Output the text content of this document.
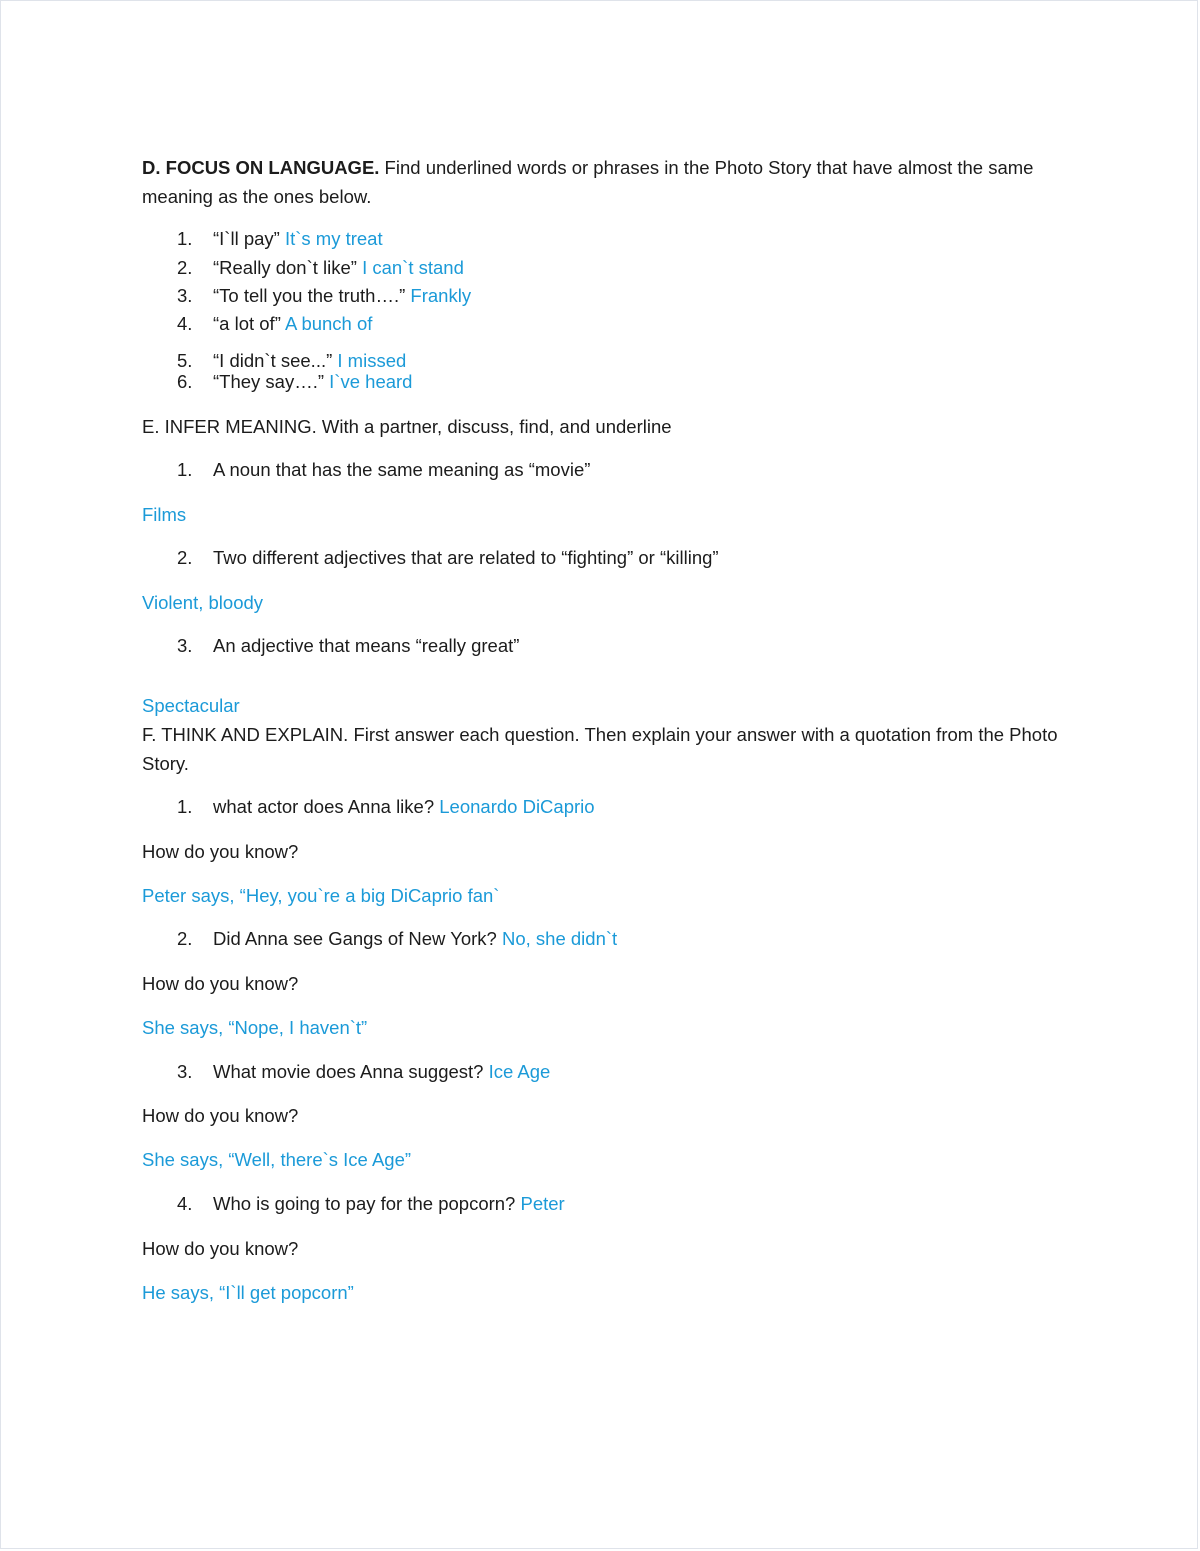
D. FOCUS ON LANGUAGE. Find underlined words or phrases in the Photo Story that have almost the same meaning as the ones below.
1. “I`ll pay” It`s my treat
2. “Really don`t like” I can`t stand
3. “To tell you the truth….” Frankly
4. “a lot of” A bunch of
5. “I didn`t see...” I missed
6. “They say….” I`ve heard
E. INFER MEANING. With a partner, discuss, find, and underline
1. A noun that has the same meaning as “movie”
Films
2. Two different adjectives that are related to “fighting” or “killing”
Violent, bloody
3. An adjective that means “really great”
Spectacular
F. THINK AND EXPLAIN. First answer each question. Then explain your answer with a quotation from the Photo Story.
1. what actor does Anna like? Leonardo DiCaprio
How do you know?
Peter says, “Hey, you`re a big DiCaprio fan`
2. Did Anna see Gangs of New York? No, she didn`t
How do you know?
She says, “Nope, I haven`t”
3. What movie does Anna suggest? Ice Age
How do you know?
She says, “Well, there`s Ice Age”
4. Who is going to pay for the popcorn? Peter
How do you know?
He says, “I`ll get popcorn”
